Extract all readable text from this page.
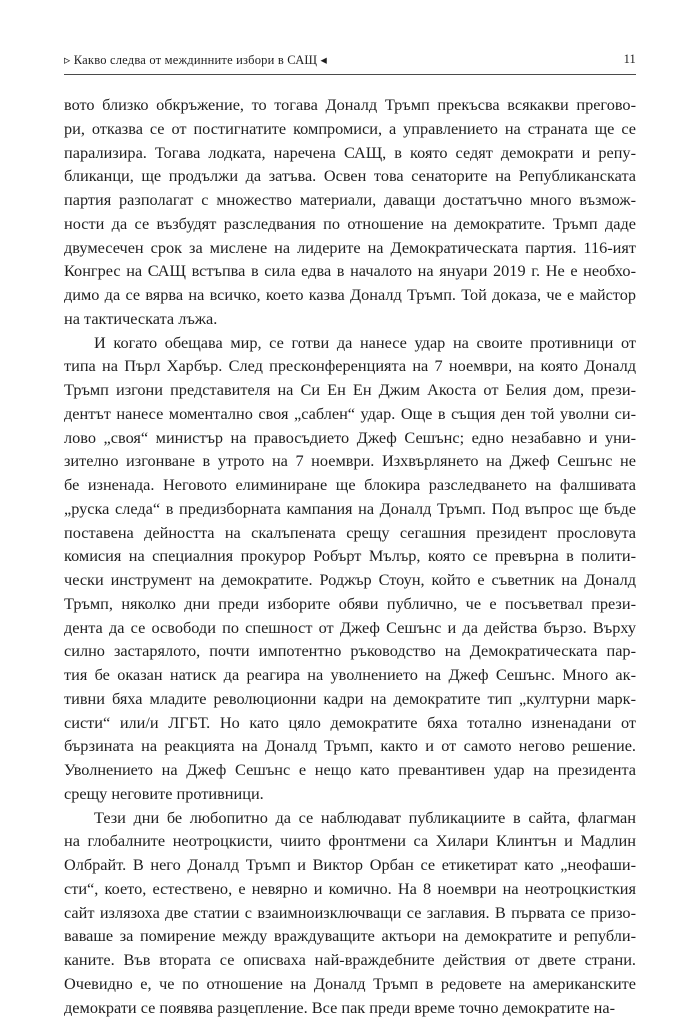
▹ Какво следва от междинните избори в САЩ ◂	11

вото близко обкръжение, то тогава Доналд Тръмп прекъсва всякакви прегово-
ри, отказва се от постигнатите компромиси, а управлението на страната ще се
парализира. Тогава лодката, наречена САЩ, в която седят демократи и репу-
бликанци, ще продължи да затъва. Освен това сенаторите на Републиканската
партия разполагат с множество материали, даващи достатъчно много възмож-
ности да се възбудят разследвания по отношение на демократите. Тръмп даде
двумесечен срок за мислене на лидерите на Демократическата партия. 116-ият
Конгрес на САЩ встъпва в сила едва в началото на януари 2019 г. Не е необхо-
димо да се вярва на всичко, което казва Доналд Тръмп. Той доказа, че е майстор
на тактическата лъжа.

И когато обещава мир, се готви да нанесе удар на своите противници от
типа на Пърл Харбър. След пресконференцията на 7 ноември, на която Доналд
Тръмп изгони представителя на Си Ен Ен Джим Акоста от Белия дом, прези-
дентът нанесе моментално своя „саблен“ удар. Още в същия ден той уволни си-
лово „своя“ министър на правосъдието Джеф Сешънс; едно незабавно и уни-
зително изгонване в утрото на 7 ноември. Изхвърлянето на Джеф Сешънс не
бе изненада. Неговото елиминиране ще блокира разследването на фалшивата
„руска следа“ в предизборната кампания на Доналд Тръмп. Под въпрос ще бъде
поставена дейността на скалъпената срещу сегашния президент прословута
комисия на специалния прокурор Робърт Мълър, която се превърна в полити-
чески инструмент на демократите. Роджър Стоун, който е съветник на Доналд
Тръмп, няколко дни преди изборите обяви публично, че е посъветвал прези-
дента да се освободи по спешност от Джеф Сешънс и да действа бързо. Върху
силно застарялото, почти импотентно ръководство на Демократическата пар-
тия бе оказан натиск да реагира на уволнението на Джеф Сешънс. Много ак-
тивни бяха младите революционни кадри на демократите тип „културни марк-
систи“ или/и ЛГБТ. Но като цяло демократите бяха тотално изненадани от
бързината на реакцията на Доналд Тръмп, както и от самото негово решение.
Уволнението на Джеф Сешънс е нещо като превантивен удар на президента
срещу неговите противници.

Тези дни бе любопитно да се наблюдават публикациите в сайта, флагман
на глобалните неотроцкисти, чиито фронтмени са Хилари Клинтън и Мадлин
Олбрайт. В него Доналд Тръмп и Виктор Орбан се етикетират като „неофаши-
сти“, което, естествено, е невярно и комично. На 8 ноември на неотроцкисткия
сайт излязоха две статии с взаимноизключващи се заглавия. В първата се призо-
ваваше за помирение между враждуващите актьори на демократите и републи-
каните. Във втората се описваха най-враждебните действия от двете страни.
Очевидно е, че по отношение на Доналд Тръмп в редовете на американските
демократи се появява разцепление. Все пак преди време точно демократите на-
